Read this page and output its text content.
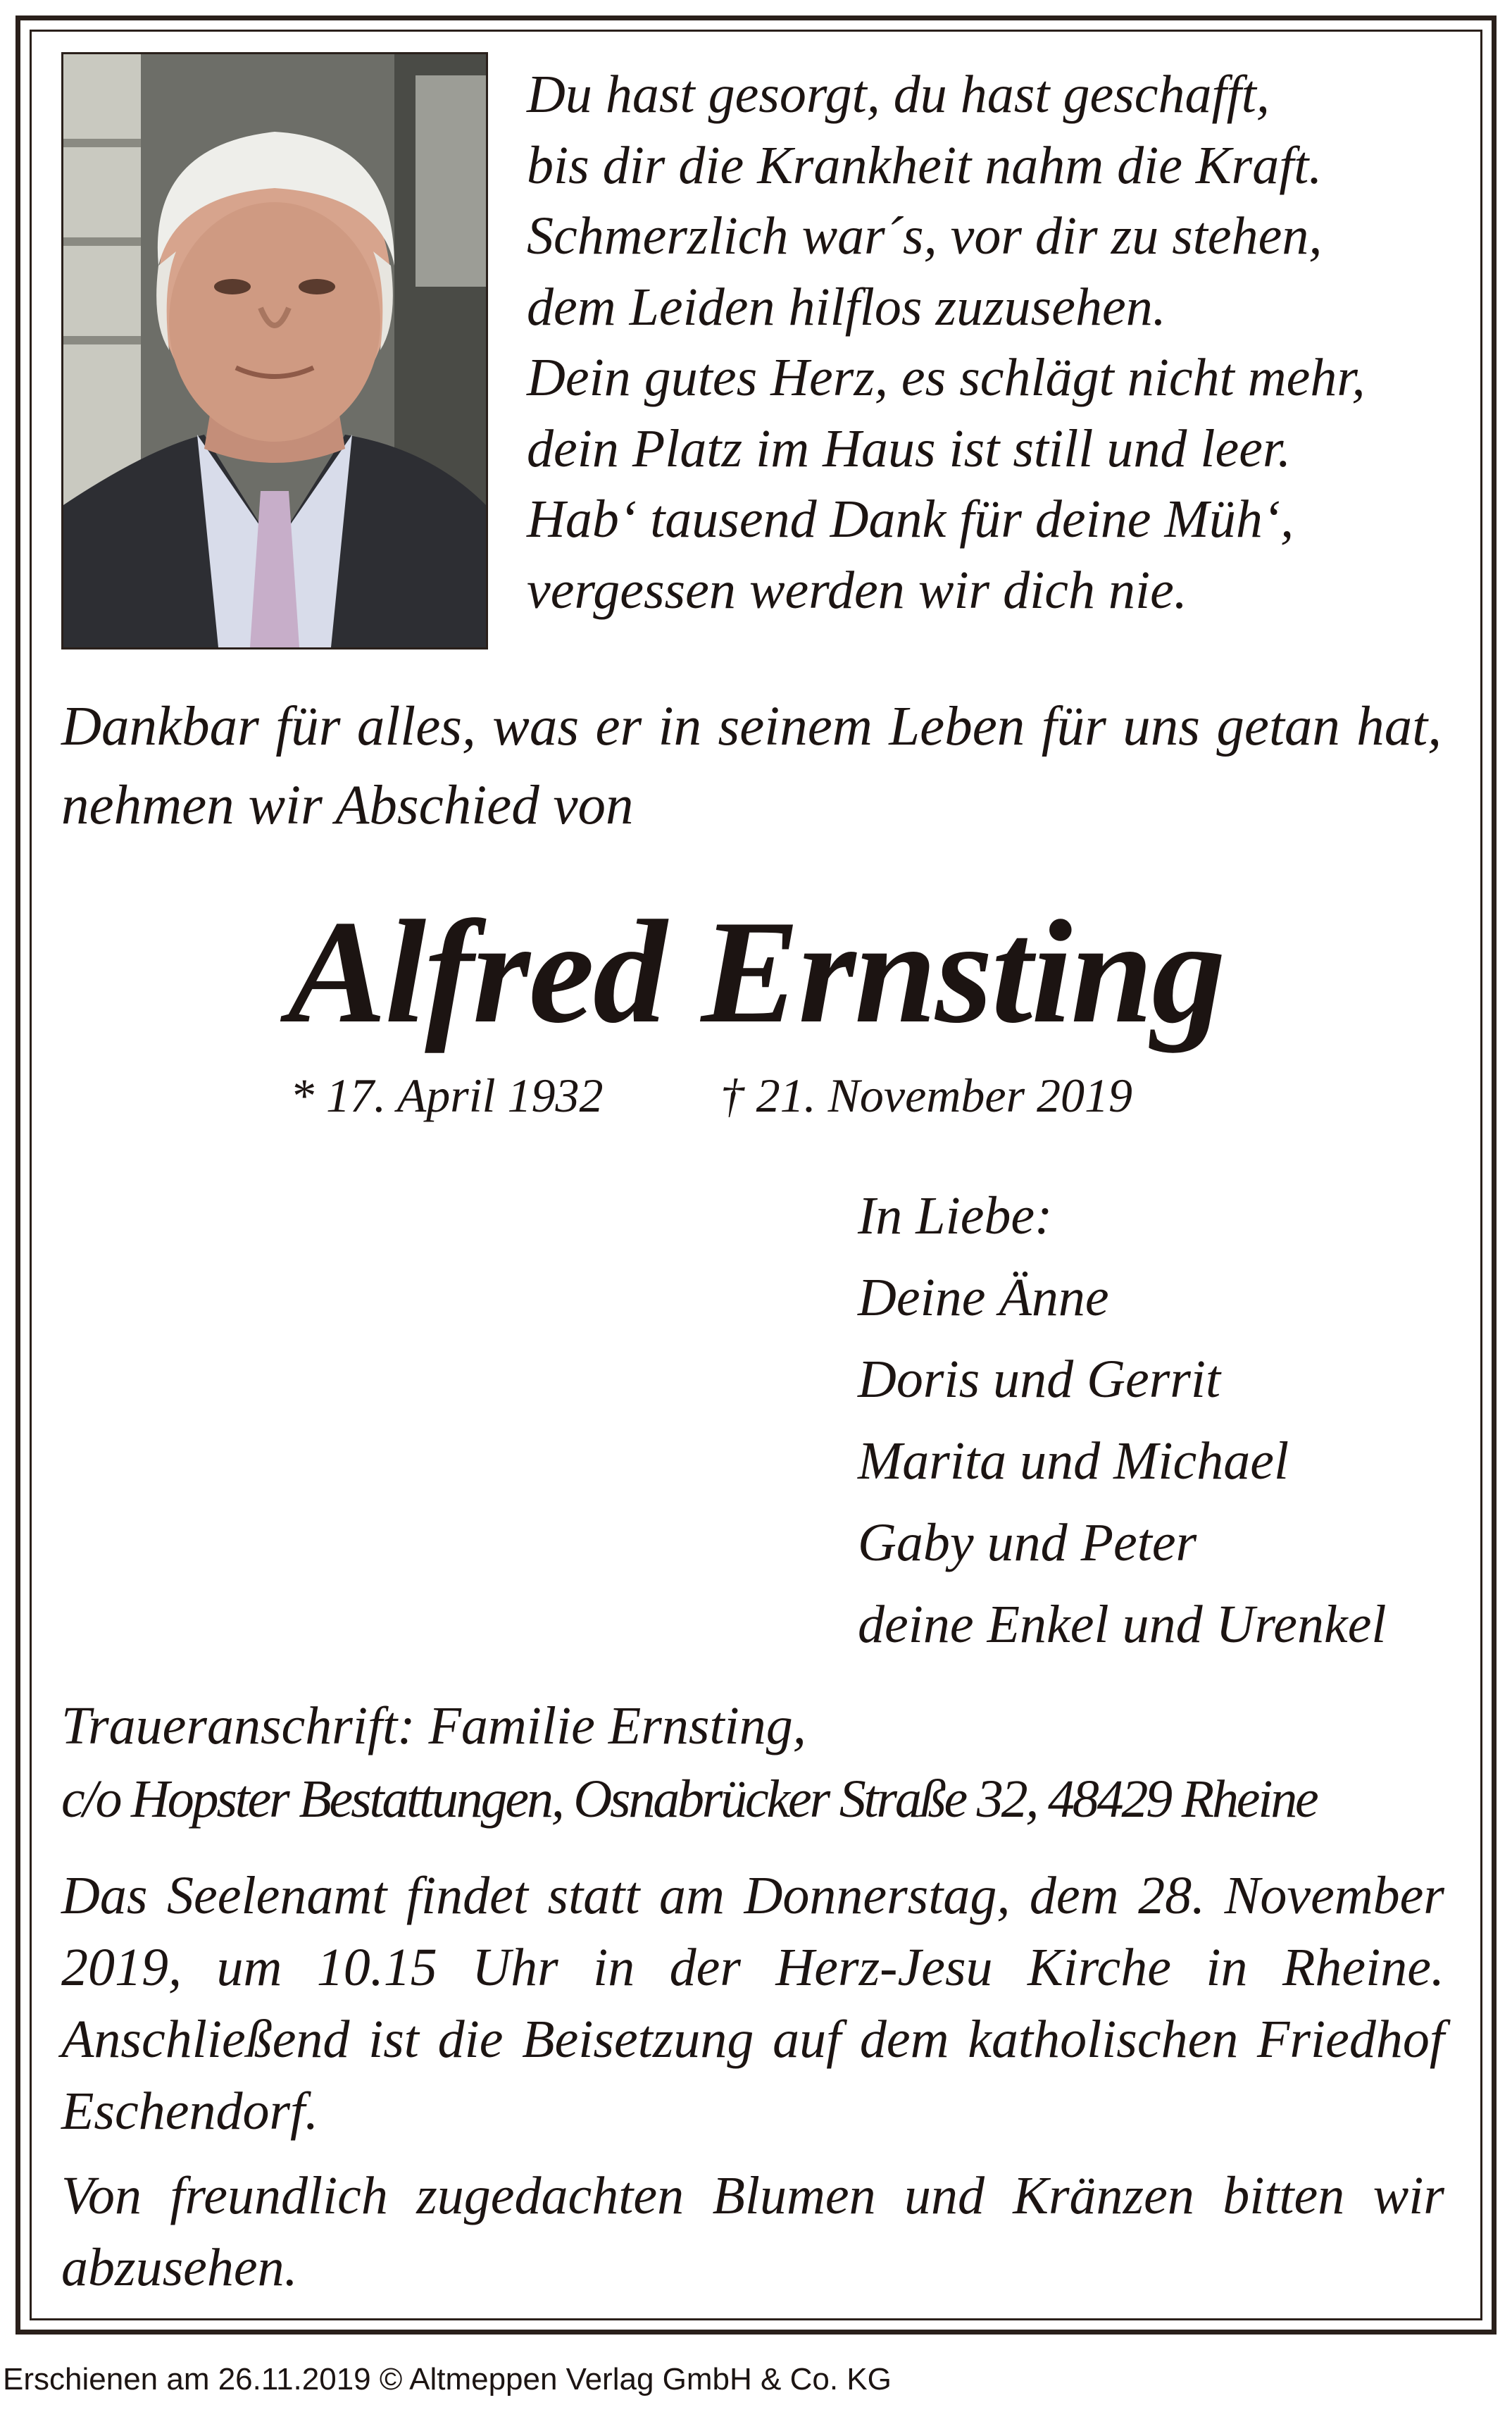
Du hast gesorgt, du hast geschafft,
bis dir die Krankheit nahm die Kraft.
Schmerzlich war´s, vor dir zu stehen,
dem Leiden hilflos zuzusehen.
Dein gutes Herz, es schlägt nicht mehr,
dein Platz im Haus ist still und leer.
Hab‘ tausend Dank für deine Müh‘,
vergessen werden wir dich nie.

Dankbar für alles, was er in seinem Leben für uns getan hat, nehmen wir Abschied von

Alfred Ernsting
* 17. April 1932 † 21. November 2019
In Liebe:
Deine Änne
Doris und Gerrit
Marita und Michael
Gaby und Peter
deine Enkel und Urenkel
Traueranschrift: Familie Ernsting,
c/o Hopster Bestattungen, Osnabrücker Straße 32, 48429 Rheine

Das Seelenamt findet statt am Donnerstag, dem 28. November 2019, um 10.15 Uhr in der Herz-Jesu Kirche in Rheine. Anschließend ist die Beisetzung auf dem katholischen Friedhof Eschendorf.

Von freundlich zugedachten Blumen und Kränzen bitten wir abzusehen.

Erschienen am 26.11.2019 © Altmeppen Verlag GmbH & Co. KG
